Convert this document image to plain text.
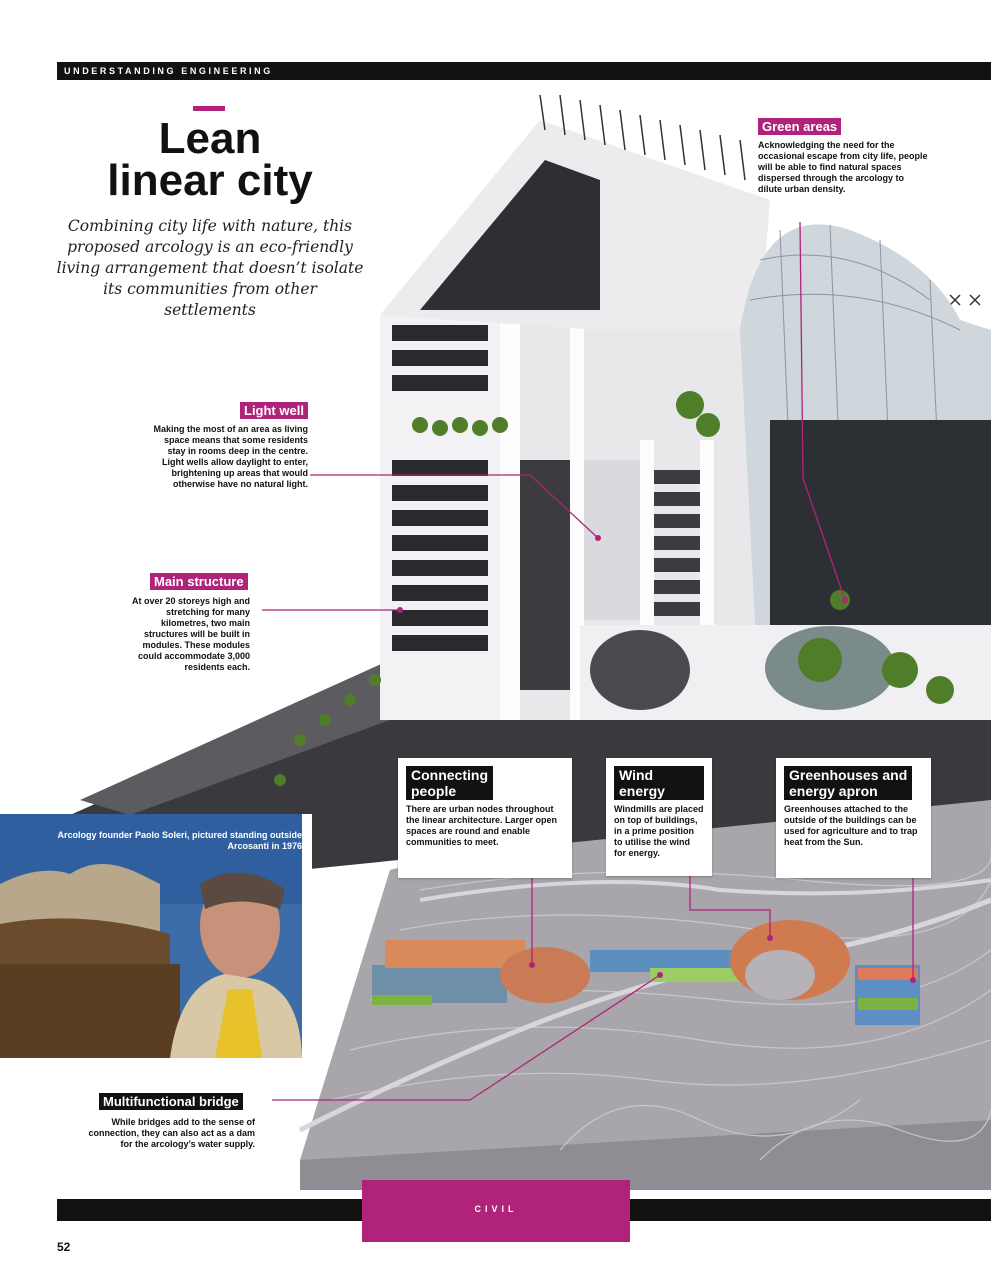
UNDERSTANDING ENGINEERING
Lean
linear city

Combining city life with nature, this proposed arcology is an eco-friendly living arrangement that doesn’t isolate its communities from other settlements

Green areas
Acknowledging the need for the occasional escape from city life, people will be able to find natural spaces dispersed through the arcology to dilute urban density.
Light well
Making the most of an area as living space means that some residents stay in rooms deep in the centre. Light wells allow daylight to enter, brightening up areas that would otherwise have no natural light.
Main structure
At over 20 storeys high and stretching for many kilometres, two main structures will be built in modules. These modules could accommodate 3,000 residents each.
Connecting
people
There are urban nodes throughout the linear architecture. Larger open spaces are round and enable communities to meet.
Wind energy
Windmills are placed on top of buildings, in a prime position to utilise the wind for energy.
Greenhouses and
energy apron
Greenhouses attached to the outside of the buildings can be used for agriculture and to trap heat from the Sun.
Arcology founder Paolo Soleri, pictured standing outside Arcosanti in 1976
Multifunctional bridge
While bridges add to the sense of connection, they can also act as a dam for the arcology’s water supply.
CIVIL
52
